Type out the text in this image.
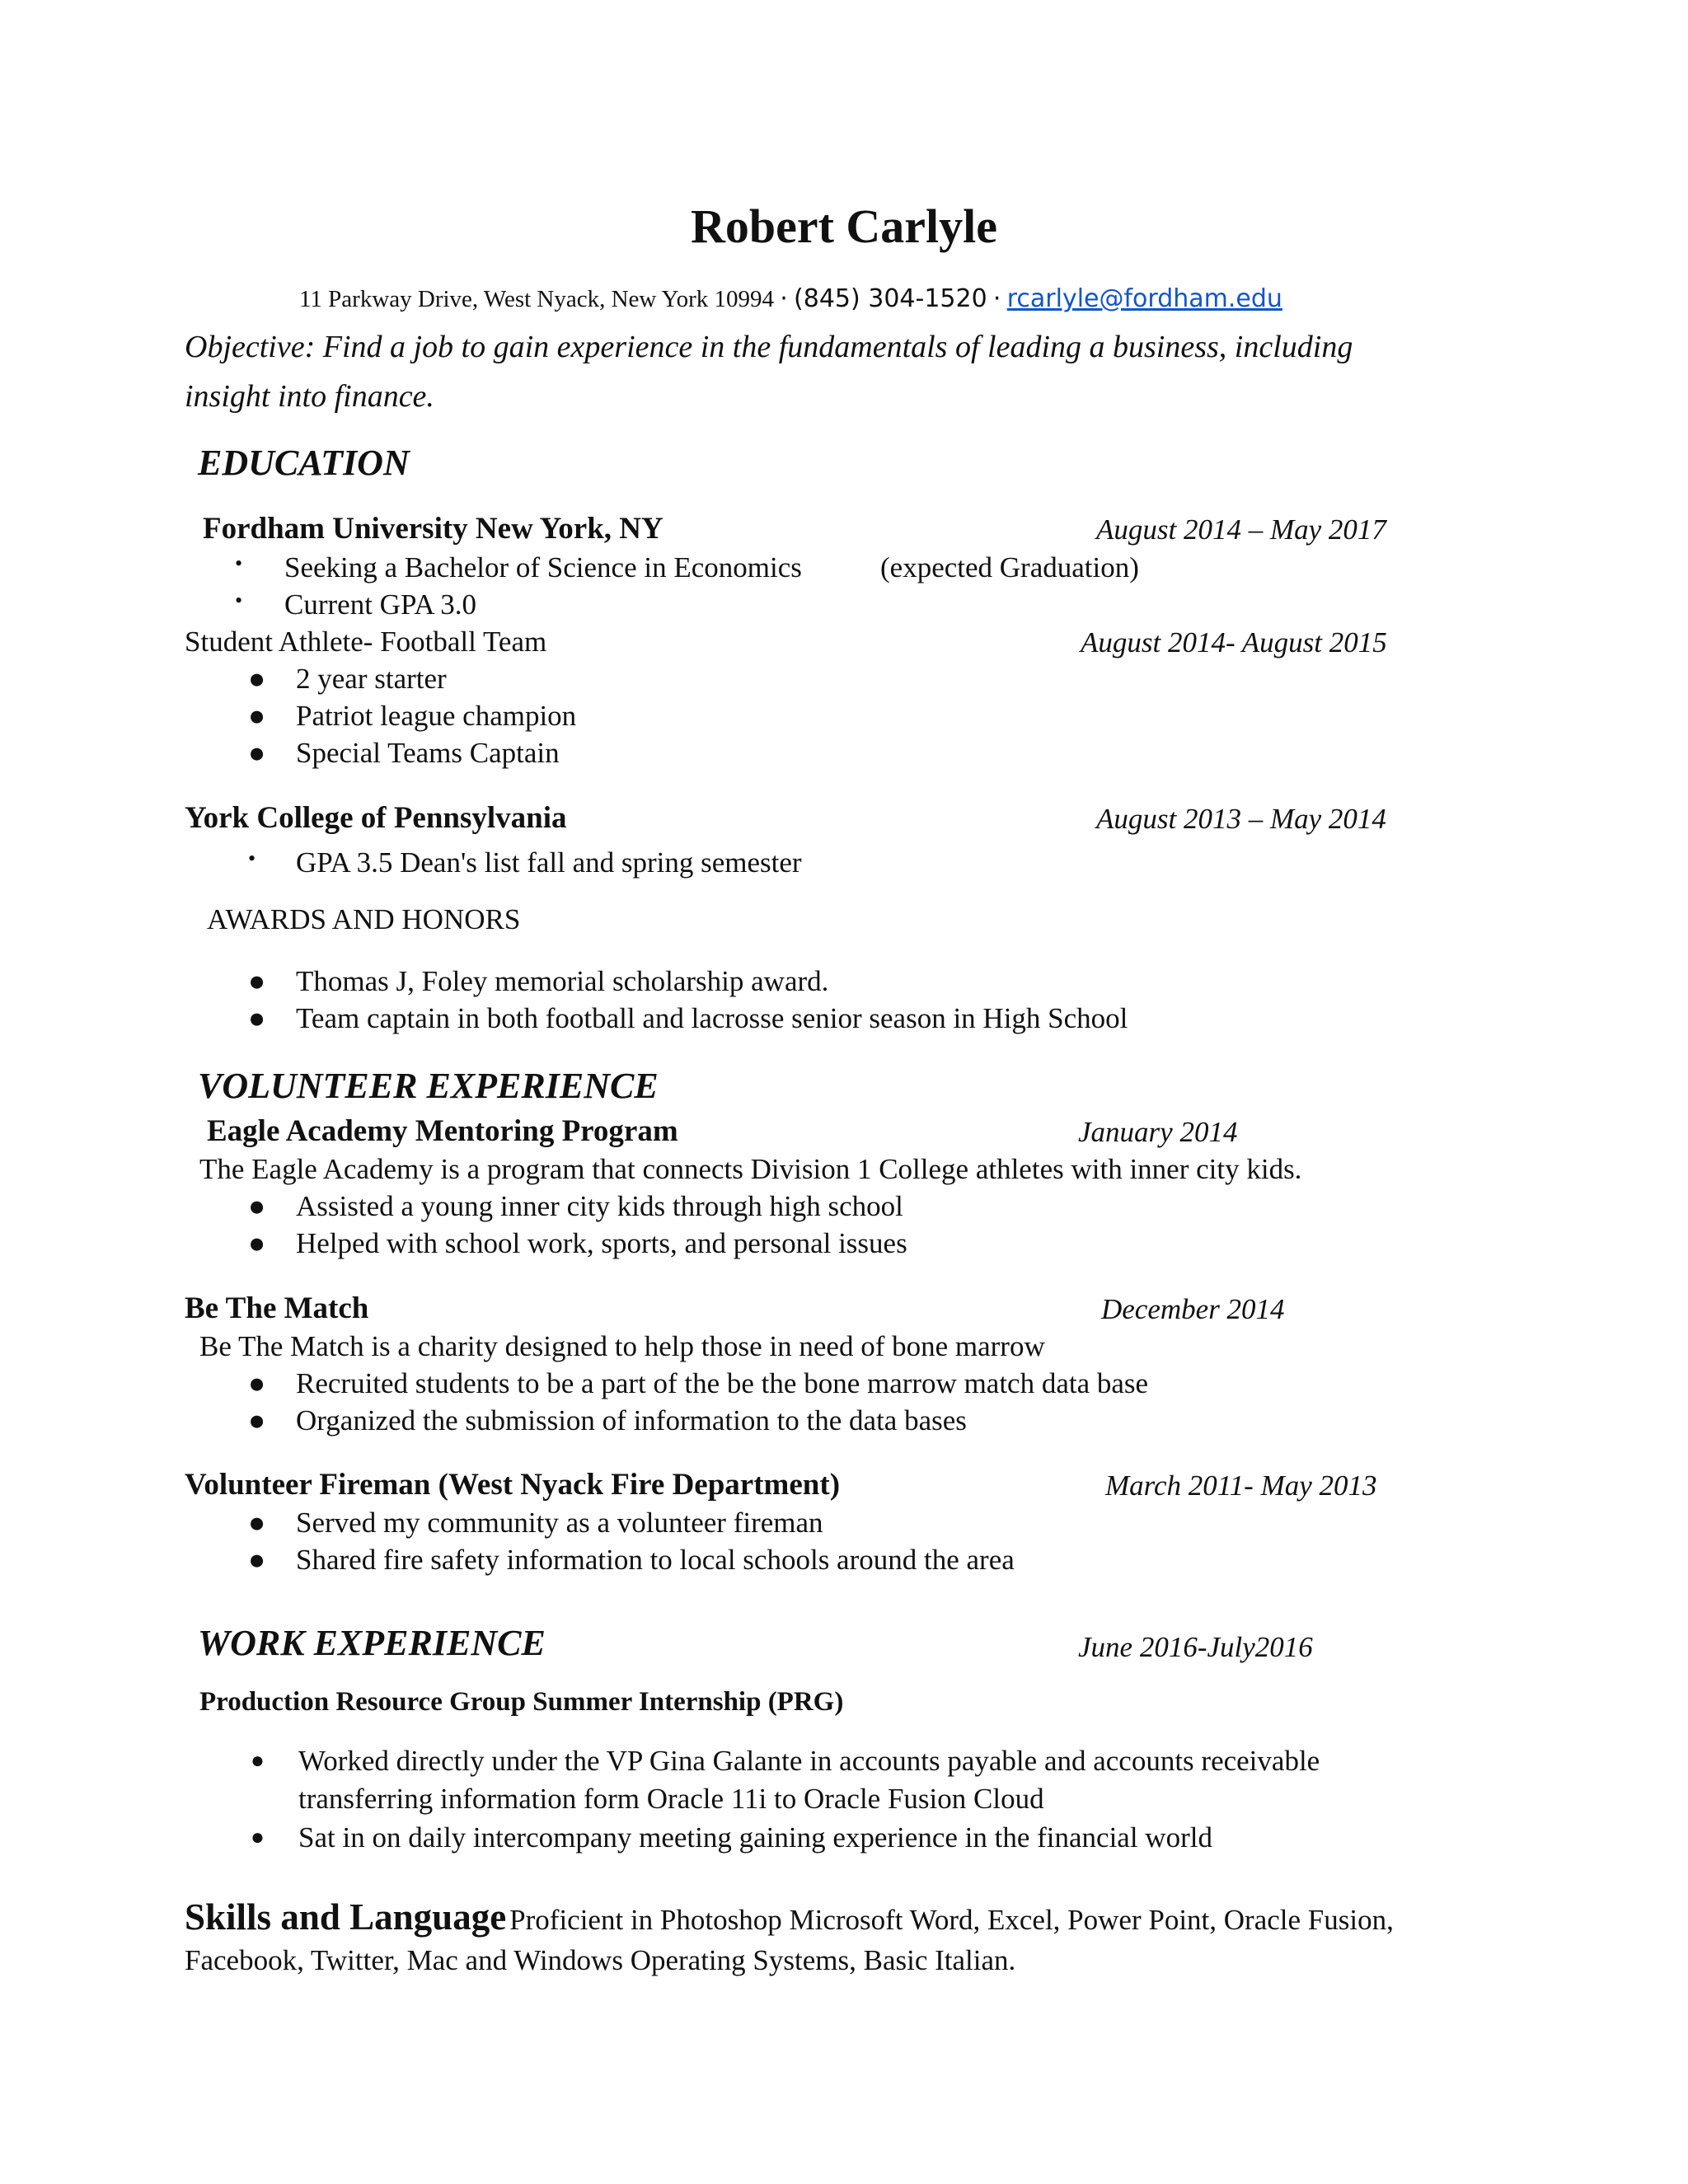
Robert Carlyle
11 Parkway Drive, West Nyack, New York 10994 · (845) 304-1520 · rcarlyle@fordham.edu
Objective: Find a job to gain experience in the fundamentals of leading a business, including
insight into finance.
EDUCATION
Fordham University New York, NY	August 2014 – May 2017
• Seeking a Bachelor of Science in Economics	(expected Graduation)
• Current GPA 3.0
Student Athlete- Football Team	August 2014- August 2015
● 2 year starter
● Patriot league champion
● Special Teams Captain
York College of Pennsylvania	August 2013 – May 2014
• GPA 3.5 Dean's list fall and spring semester
AWARDS AND HONORS
● Thomas J, Foley memorial scholarship award.
● Team captain in both football and lacrosse senior season in High School
VOLUNTEER EXPERIENCE
Eagle Academy Mentoring Program	January 2014
The Eagle Academy is a program that connects Division 1 College athletes with inner city kids.
● Assisted a young inner city kids through high school
● Helped with school work, sports, and personal issues
Be The Match	December 2014
Be The Match is a charity designed to help those in need of bone marrow
● Recruited students to be a part of the be the bone marrow match data base
● Organized the submission of information to the data bases
Volunteer Fireman (West Nyack Fire Department)	March 2011- May 2013
● Served my community as a volunteer fireman
● Shared fire safety information to local schools around the area
WORK EXPERIENCE	June 2016-July2016
Production Resource Group Summer Internship (PRG)
● Worked directly under the VP Gina Galante in accounts payable and accounts receivable
transferring information form Oracle 11i to Oracle Fusion Cloud
● Sat in on daily intercompany meeting gaining experience in the financial world
Skills and Language Proficient in Photoshop Microsoft Word, Excel, Power Point, Oracle Fusion,
Facebook, Twitter, Mac and Windows Operating Systems, Basic Italian.
